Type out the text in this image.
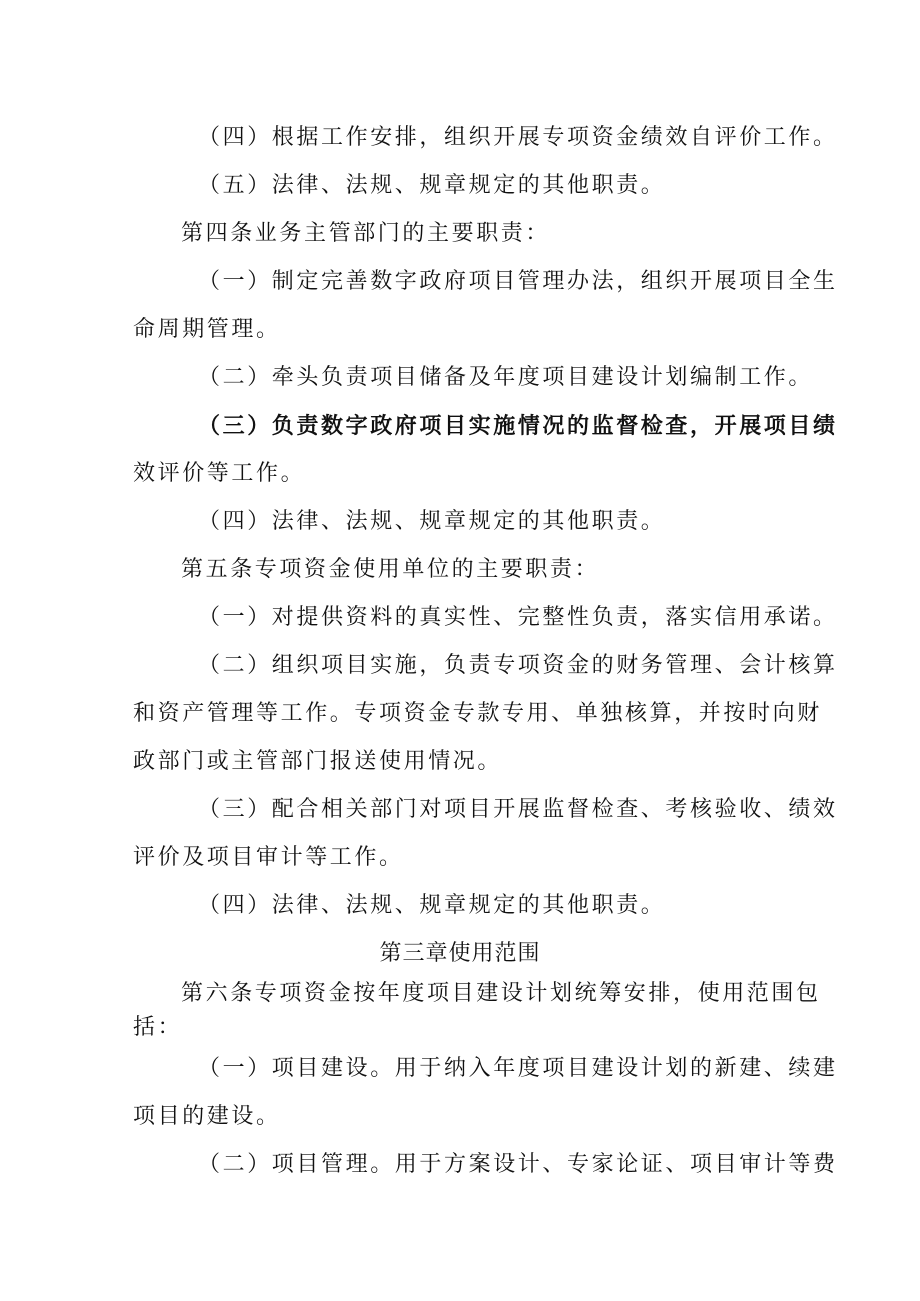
（四）根据工作安排，组织开展专项资金绩效自评价工作。
（五）法律、法规、规章规定的其他职责。
第四条业务主管部门的主要职责：
（一）制定完善数字政府项目管理办法，组织开展项目全生
命周期管理。
（二）牵头负责项目储备及年度项目建设计划编制工作。
（三）负责数字政府项目实施情况的监督检查，开展项目绩
效评价等工作。
（四）法律、法规、规章规定的其他职责。
第五条专项资金使用单位的主要职责：
（一）对提供资料的真实性、完整性负责，落实信用承诺。
（二）组织项目实施，负责专项资金的财务管理、会计核算
和资产管理等工作。专项资金专款专用、单独核算，并按时向财
政部门或主管部门报送使用情况。
（三）配合相关部门对项目开展监督检查、考核验收、绩效
评价及项目审计等工作。
（四）法律、法规、规章规定的其他职责。
第三章使用范围
第六条专项资金按年度项目建设计划统筹安排，使用范围包
括：
（一）项目建设。用于纳入年度项目建设计划的新建、续建
项目的建设。
（二）项目管理。用于方案设计、专家论证、项目审计等费
